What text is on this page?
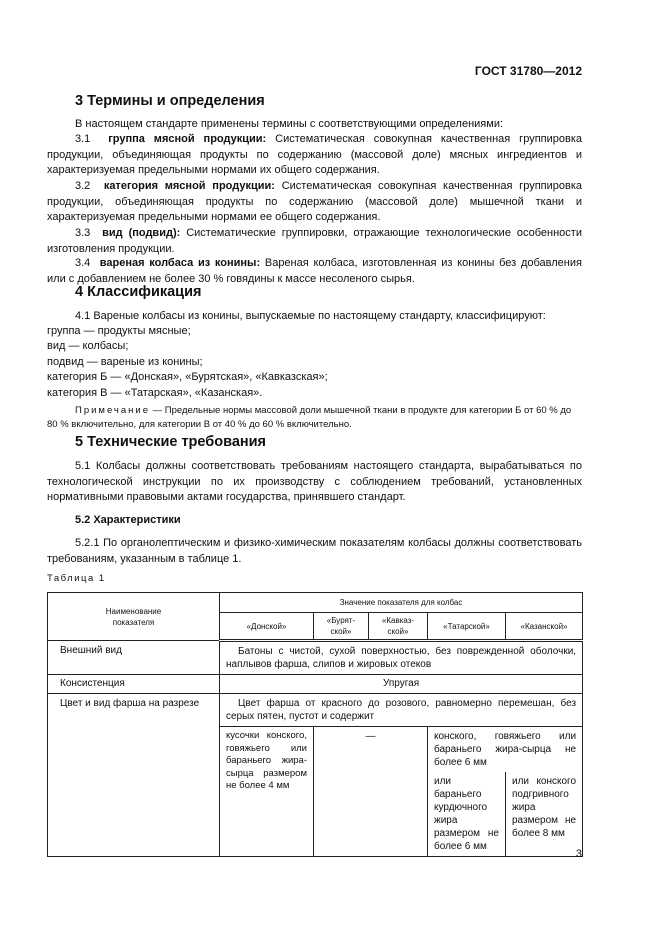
ГОСТ 31780—2012
3 Термины и определения
В настоящем стандарте применены термины с соответствующими определениями:
3.1 группа мясной продукции: Систематическая совокупная качественная группировка продукции, объединяющая продукты по содержанию (массовой доле) мясных ингредиентов и характеризуемая предельными нормами их общего содержания.
3.2 категория мясной продукции: Систематическая совокупная качественная группировка продукции, объединяющая продукты по содержанию (массовой доле) мышечной ткани и характеризуемая предельными нормами ее общего содержания.
3.3 вид (подвид): Систематические группировки, отражающие технологические особенности изготовления продукции.
3.4 вареная колбаса из конины: Вареная колбаса, изготовленная из конины без добавления или с добавлением не более 30 % говядины к массе несоленого сырья.
4 Классификация
4.1 Вареные колбасы из конины, выпускаемые по настоящему стандарту, классифицируют:
группа — продукты мясные;
вид — колбасы;
подвид — вареные из конины;
категория Б — «Донская», «Бурятская», «Кавказская»;
категория В — «Татарская», «Казанская».
Примечание — Предельные нормы массовой доли мышечной ткани в продукте для категории Б от 60 % до 80 % включительно, для категории В от 40 % до 60 % включительно.
5 Технические требования
5.1 Колбасы должны соответствовать требованиям настоящего стандарта, вырабатываться по технологической инструкции по их производству с соблюдением требований, установленных нормативными правовыми актами государства, принявшего стандарт.
5.2 Характеристики
5.2.1 По органолептическим и физико-химическим показателям колбасы должны соответствовать требованиям, указанным в таблице 1.
Таблица 1
Наименование показателя	Значение показателя для колбас				
	«Донской»	«Бурят-ской»	«Кавказ-ской»	«Татарской»	«Казанской»
Внешний вид	Батоны с чистой, сухой поверхностью, без поврежденной оболочки, наплывов фарша, слипов и жировых отеков				
Консистенция	Упругая				
Цвет и вид фарша на разрезе	Цвет фарша от красного до розового, равномерно перемешан, без серых пятен, пустот и содержит				
	кусочки конского, говяжьего или бараньего жира-сырца размером не более 4 мм	—		конского, говяжьего или бараньего жира-сырца не более 6 мм	
				или бараньего курдючного жира размером не более 6 мм	или конского подгривного жира размером не более 8 мм
3
